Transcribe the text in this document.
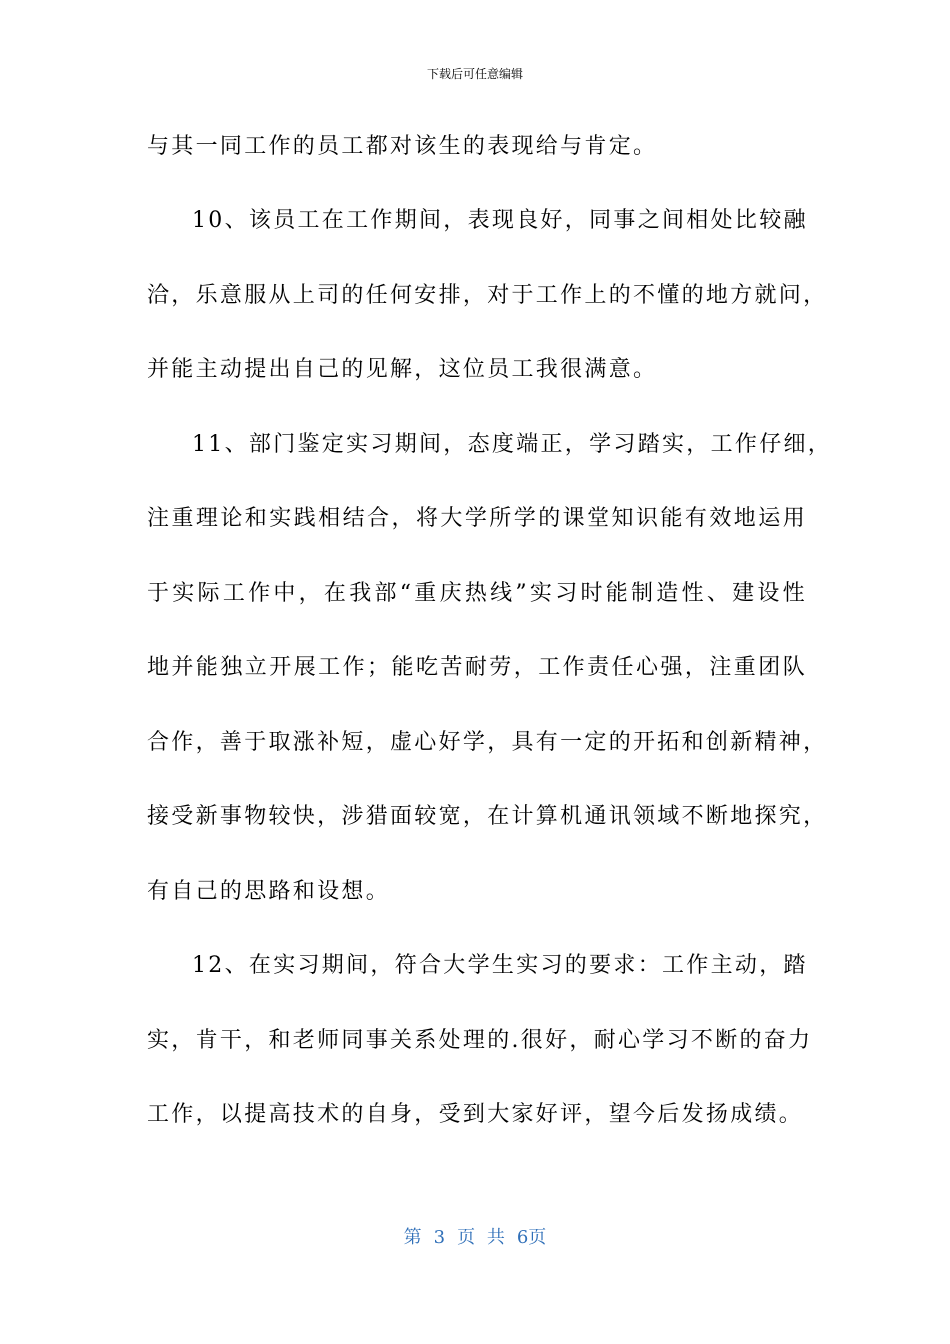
下载后可任意编辑
与其一同工作的员工都对该生的表现给与肯定。
10、该员工在工作期间，表现良好，同事之间相处比较融
洽，乐意服从上司的任何安排，对于工作上的不懂的地方就问，
并能主动提出自己的见解，这位员工我很满意。
11、部门鉴定实习期间，态度端正，学习踏实，工作仔细，
注重理论和实践相结合，将大学所学的课堂知识能有效地运用
于实际工作中，在我部“重庆热线”实习时能制造性、建设性
地并能独立开展工作；能吃苦耐劳，工作责任心强，注重团队
合作，善于取涨补短，虚心好学，具有一定的开拓和创新精神，
接受新事物较快，涉猎面较宽，在计算机通讯领域不断地探究，
有自己的思路和设想。
12、在实习期间，符合大学生实习的要求：工作主动，踏
实，肯干，和老师同事关系处理的.很好，耐心学习不断的奋力
工作，以提高技术的自身，受到大家好评，望今后发扬成绩。
第 3 页 共 6页
